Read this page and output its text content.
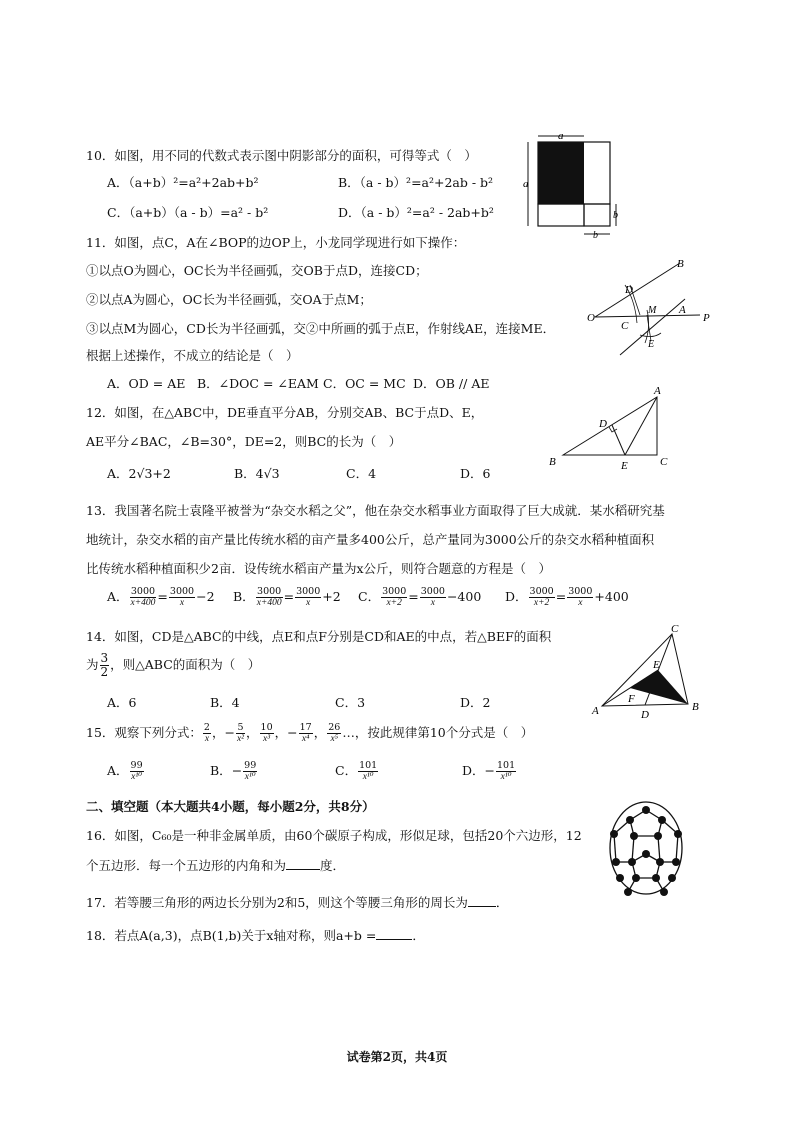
10．如图，用不同的代数式表示图中阴影部分的面积，可得等式（　）
A．（a+b）²=a²+2ab+b²	B．（a - b）²=a²+2ab - b²
C．（a+b）（a - b）=a² - b²	D．（a - b）²=a² - 2ab+b²
a
a
b
b
11．如图，点C，A在∠BOP的边OP上，小龙同学现进行如下操作：
①以点O为圆心，OC长为半径画弧，交OB于点D，连接CD；
②以点A为圆心，OC长为半径画弧，交OA于点M；
③以点M为圆心，CD长为半径画弧，交②中所画的弧于点E，作射线AE，连接ME．
根据上述操作，不成立的结论是（　）
A．OD = AE B．∠DOC = ∠EAM C．OC = MC D．OB // AE
B
D
O
C
M A
P
E
12．如图，在△ABC中，DE垂直平分AB，分别交AB、BC于点D、E，
AE平分∠BAC，∠B=30°，DE=2，则BC的长为（　）
A．2√3+2	B．4√3	C．4	D．6
A
D
B	E	C
13．我国著名院士袁隆平被誉为“杂交水稻之父”，他在杂交水稻事业方面取得了巨大成就．某水稻研究基
地统计，杂交水稻的亩产量比传统水稻的亩产量多400公斤，总产量同为3000公斤的杂交水稻种植面积
比传统水稻种植面积少2亩．设传统水稻亩产量为x公斤，则符合题意的方程是（　）
A． $\frac{3000}{x+400} = \frac{3000}{x} -2$ B． $\frac{3000}{x+400} = \frac{3000}{x} +2$ C． $\frac{3000}{x+2} = \frac{3000}{x} -400$ D． $\frac{3000}{x+2} = \frac{3000}{x} +400$
14．如图，CD是△ABC的中线，点E和点F分别是CD和AE的中点，若△BEF的面积
为 $\frac{3}{2}$ ，则△ABC的面积为（　）
A．6	B．4	C．3	D．2
C
E
F
A	D
B
15．观察下列分式： $\frac{2}{x}$ ，− $\frac{5}{\text{x²}}$ ， $\frac{10}{\text{x³}}$ ，− $\frac{17}{\text{x⁴}}$ ， $\frac{26}{\text{x⁵}}$ …，按此规律第10个分式是（　）
A． $\frac{99}{\text{x¹⁰}}$	B．− $\frac{99}{\text{x¹⁰}}$	C． $\frac{101}{\text{x¹⁰}}$	D．− $\frac{101}{\text{x¹⁰}}$
二、填空题（本大题共4小题，每小题2分，共8分）
16．如图，C₆₀是一种非金属单质，由60个碳原子构成，形似足球，包括20个六边形，12
个五边形．每一个五边形的内角和为	度．
17．若等腰三角形的两边长分别为2和5，则这个等腰三角形的周长为 ．
18．若点A(a,3)，点B(1,b)关于x轴对称，则a+b =	．
试卷第2页，共4页
